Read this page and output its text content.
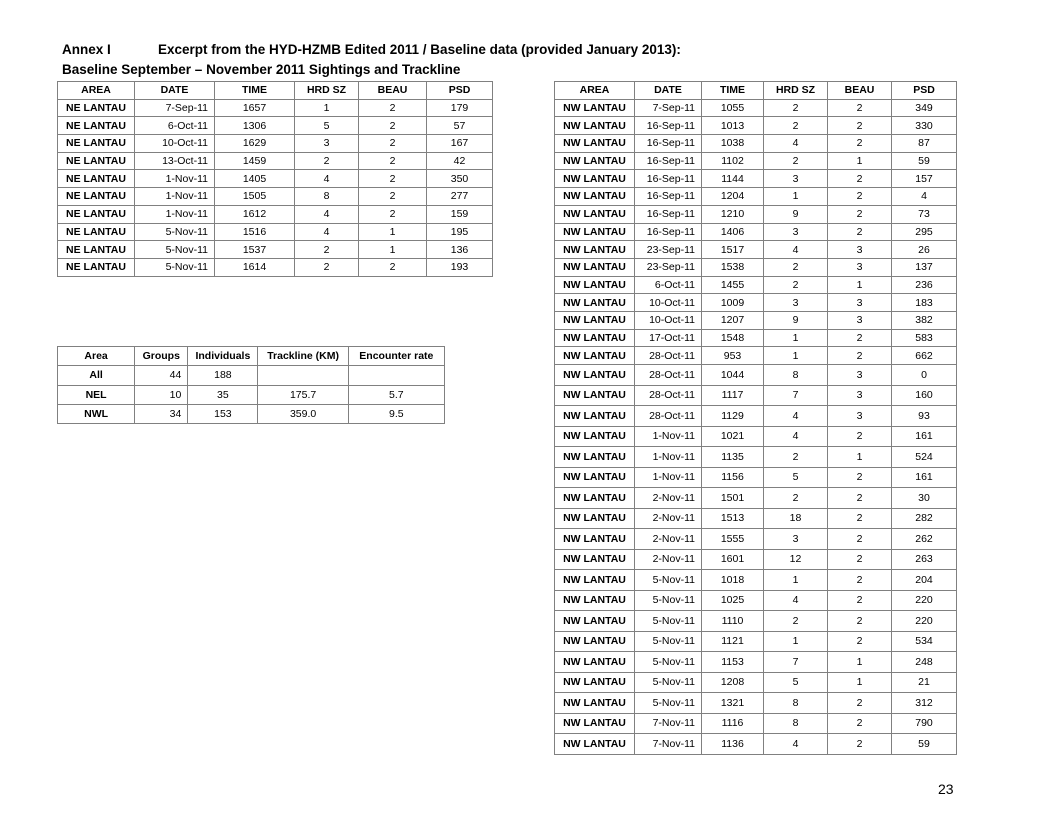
Annex I	Excerpt from the HYD-HZMB Edited 2011 / Baseline data (provided January 2013):
Baseline September – November 2011 Sightings and Trackline
AREA	DATE	TIME	HRD SZ	BEAU	PSD
NE LANTAU	7-Sep-11	1657	1	2	179
NE LANTAU	6-Oct-11	1306	5	2	57
NE LANTAU	10-Oct-11	1629	3	2	167
NE LANTAU	13-Oct-11	1459	2	2	42
NE LANTAU	1-Nov-11	1405	4	2	350
NE LANTAU	1-Nov-11	1505	8	2	277
NE LANTAU	1-Nov-11	1612	4	2	159
NE LANTAU	5-Nov-11	1516	4	1	195
NE LANTAU	5-Nov-11	1537	2	1	136
NE LANTAU	5-Nov-11	1614	2	2	193
AREA	DATE	TIME	HRD SZ	BEAU	PSD
NW LANTAU	7-Sep-11	1055	2	2	349
NW LANTAU	16-Sep-11	1013	2	2	330
NW LANTAU	16-Sep-11	1038	4	2	87
NW LANTAU	16-Sep-11	1102	2	1	59
NW LANTAU	16-Sep-11	1144	3	2	157
NW LANTAU	16-Sep-11	1204	1	2	4
NW LANTAU	16-Sep-11	1210	9	2	73
NW LANTAU	16-Sep-11	1406	3	2	295
NW LANTAU	23-Sep-11	1517	4	3	26
NW LANTAU	23-Sep-11	1538	2	3	137
NW LANTAU	6-Oct-11	1455	2	1	236
NW LANTAU	10-Oct-11	1009	3	3	183
NW LANTAU	10-Oct-11	1207	9	3	382
NW LANTAU	17-Oct-11	1548	1	2	583
NW LANTAU	28-Oct-11	953	1	2	662
NW LANTAU	28-Oct-11	1044	8	3	0
NW LANTAU	28-Oct-11	1117	7	3	160
NW LANTAU	28-Oct-11	1129	4	3	93
NW LANTAU	1-Nov-11	1021	4	2	161
NW LANTAU	1-Nov-11	1135	2	1	524
NW LANTAU	1-Nov-11	1156	5	2	161
NW LANTAU	2-Nov-11	1501	2	2	30
NW LANTAU	2-Nov-11	1513	18	2	282
NW LANTAU	2-Nov-11	1555	3	2	262
NW LANTAU	2-Nov-11	1601	12	2	263
NW LANTAU	5-Nov-11	1018	1	2	204
NW LANTAU	5-Nov-11	1025	4	2	220
NW LANTAU	5-Nov-11	1110	2	2	220
NW LANTAU	5-Nov-11	1121	1	2	534
NW LANTAU	5-Nov-11	1153	7	1	248
NW LANTAU	5-Nov-11	1208	5	1	21
NW LANTAU	5-Nov-11	1321	8	2	312
NW LANTAU	7-Nov-11	1116	8	2	790
NW LANTAU	7-Nov-11	1136	4	2	59
Area	Groups	Individuals	Trackline (KM)	Encounter rate
All	44	188		
NEL	10	35	175.7	5.7
NWL	34	153	359.0	9.5
23
